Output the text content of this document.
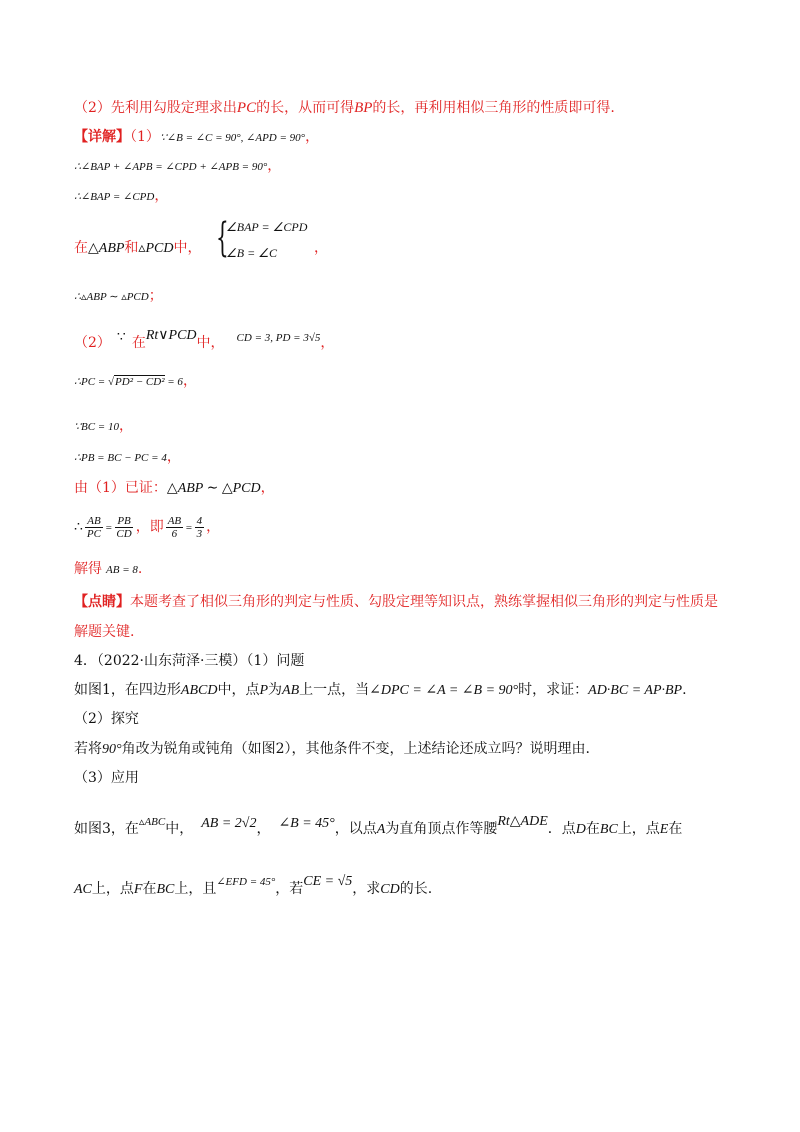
（2）先利用勾股定理求出PC的长，从而可得BP的长，再利用相似三角形的性质即可得.
【详解】（1）∵∠B = ∠C = 90°, ∠APD = 90°，
∴∠BAP + ∠APB = ∠CPD + ∠APB = 90°，
∴∠BAP = ∠CPD，
在△ABP和▵PCD中， {
∠BAP = ∠CPD
∠B = ∠C	，
∴▵ABP ∼ ▵PCD；
（2） ∵ 在Rt∨PCD中， $^{CD = 3, PD = 3√5}$，
∴PC = √PD² − CD² = 6，
∵BC = 10，
∴PB = BC − PC = 4，
由（1）已证：△ABP ∼ △PCD，
∴ $\frac{AB}{PC} = \frac{PB}{CD}$ ，即 $\frac{AB}{6} = \frac{4}{3}$ ，
解得 AB = 8.
【点睛】本题考查了相似三角形的判定与性质、勾股定理等知识点，熟练掌握相似三角形的判定与性质是
解题关键.
4．（2022·山东菏泽·三模）（1）问题
如图1，在四边形ABCD中，点P为AB上一点，当∠DPC = ∠A = ∠B = 90°时，求证：AD·BC = AP·BP.
（2）探究
若将90°角改为锐角或钝角（如图2），其他条件不变，上述结论还成立吗？说明理由.
（3）应用
如图3，在$^{▵ABC}$中， AB = 2√2， ∠B = 45°，以点A为直角顶点作等腰Rt△ADE．点D在BC上，点E在
AC上，点F在BC上，且$^{\angle EFD = 45^\circ}$，若CE = √5，求CD的长.
